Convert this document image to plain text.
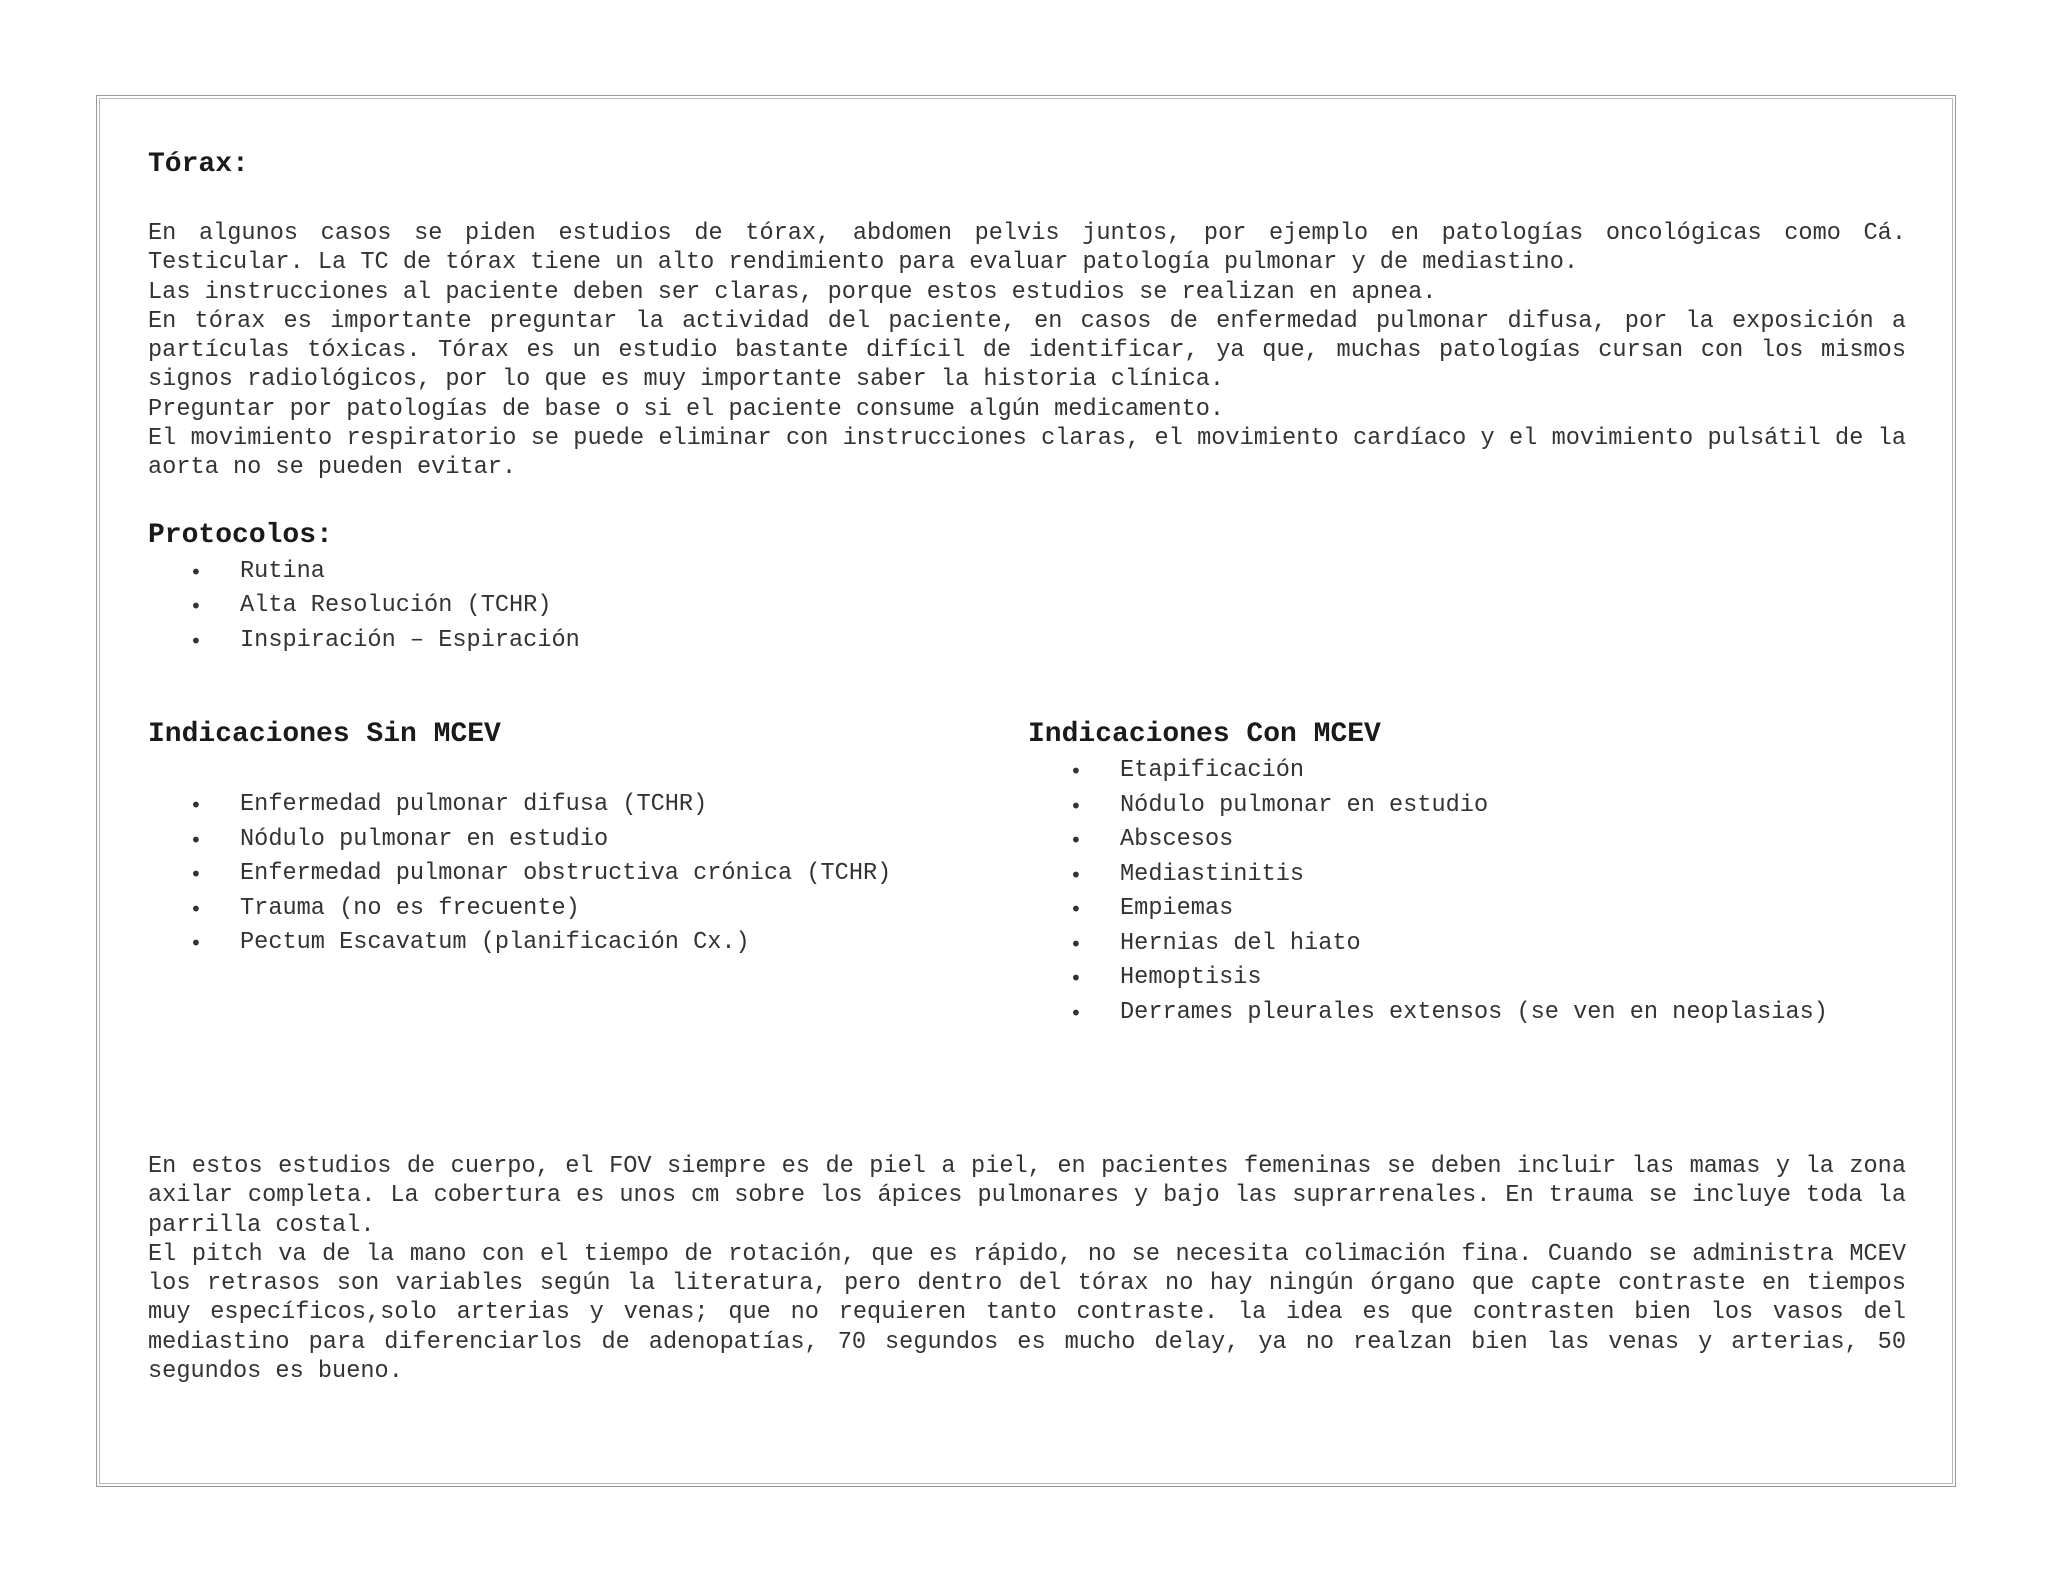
Tórax:

En algunos casos se piden estudios de tórax, abdomen pelvis juntos, por ejemplo en patologías oncológicas como Cá. Testicular. La TC de tórax tiene un alto rendimiento para evaluar patología pulmonar y de mediastino.

Las instrucciones al paciente deben ser claras, porque estos estudios se realizan en apnea.

En tórax es importante preguntar la actividad del paciente, en casos de enfermedad pulmonar difusa, por la exposición a partículas tóxicas. Tórax es un estudio bastante difícil de identificar, ya que, muchas patologías cursan con los mismos signos radiológicos, por lo que es muy importante saber la historia clínica.

Preguntar por patologías de base o si el paciente consume algún medicamento.

El movimiento respiratorio se puede eliminar con instrucciones claras, el movimiento cardíaco y el movimiento pulsátil de la aorta no se pueden evitar.

Protocolos:
• Rutina
• Alta Resolución (TCHR)
• Inspiración – Espiración
Indicaciones Sin MCEV
• Enfermedad pulmonar difusa (TCHR)
• Nódulo pulmonar en estudio
• Enfermedad pulmonar obstructiva crónica (TCHR)
• Trauma (no es frecuente)
• Pectum Escavatum (planificación Cx.)
Indicaciones Con MCEV
• Etapificación
• Nódulo pulmonar en estudio
• Abscesos
• Mediastinitis
• Empiemas
• Hernias del hiato
• Hemoptisis
• Derrames pleurales extensos (se ven en neoplasias)

En estos estudios de cuerpo, el FOV siempre es de piel a piel, en pacientes femeninas se deben incluir las mamas y la zona axilar completa. La cobertura es unos cm sobre los ápices pulmonares y bajo las suprarrenales. En trauma se incluye toda la parrilla costal.

El pitch va de la mano con el tiempo de rotación, que es rápido, no se necesita colimación fina. Cuando se administra MCEV los retrasos son variables según la literatura, pero dentro del tórax no hay ningún órgano que capte contraste en tiempos muy específicos,solo arterias y venas; que no requieren tanto contraste. la idea es que contrasten bien los vasos del mediastino para diferenciarlos de adenopatías, 70 segundos es mucho delay, ya no realzan bien las venas y arterias, 50 segundos es bueno.
